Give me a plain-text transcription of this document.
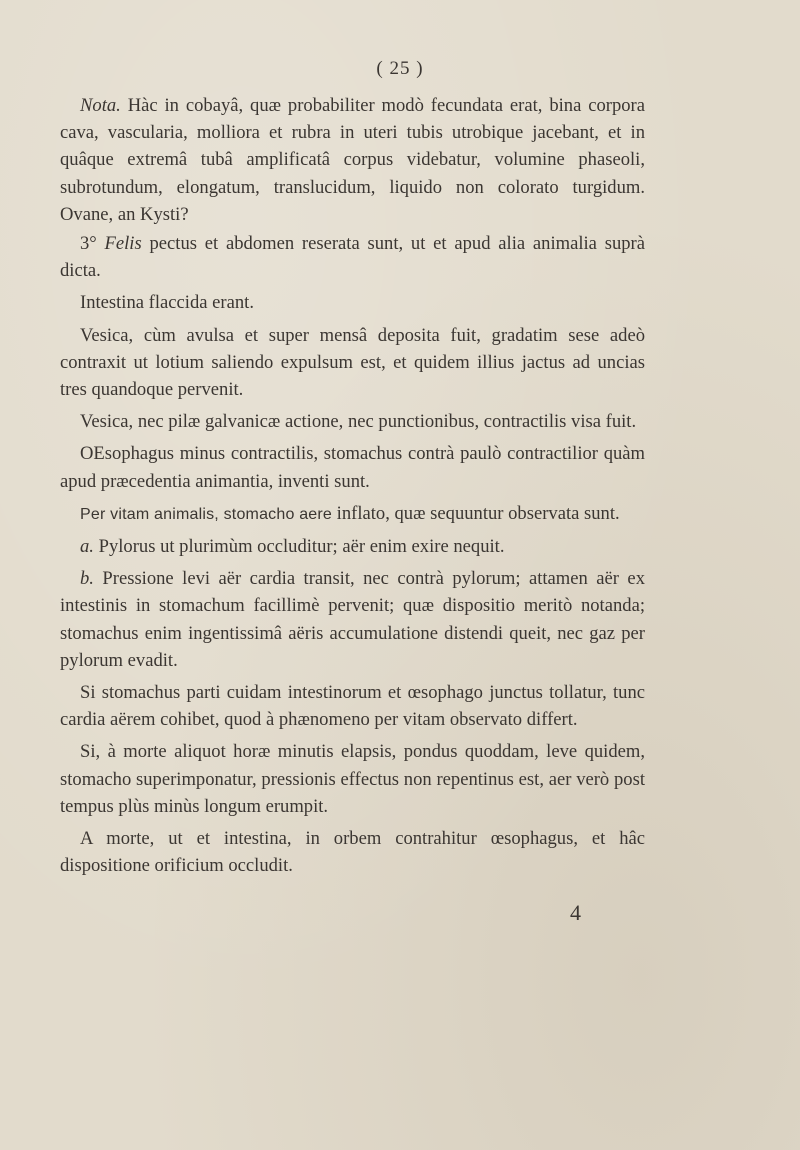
( 25 )

Nota. Hàc in cobayâ, quæ probabiliter modò fecundata erat, bina corpora cava, vascularia, molliora et rubra in uteri tubis utrobique jacebant, et in quâque extremâ tubâ amplificatâ corpus videbatur, volumine phaseoli, subrotundum, elongatum, translucidum, liquido non colorato turgidum. Ovane, an Kysti?

3° Felis pectus et abdomen reserata sunt, ut et apud alia animalia suprà dicta.

Intestina flaccida erant.

Vesica, cùm avulsa et super mensâ deposita fuit, gradatim sese adeò contraxit ut lotium saliendo expulsum est, et quidem illius jactus ad uncias tres quandoque pervenit.

Vesica, nec pilæ galvanicæ actione, nec punctionibus, contractilis visa fuit.

OEsophagus minus contractilis, stomachus contrà paulò contractilior quàm apud præcedentia animantia, inventi sunt.

Per vitam animalis, stomacho aere inflato, quæ sequuntur observata sunt.

a. Pylorus ut plurimùm occluditur; aër enim exire nequit.

b. Pressione levi aër cardia transit, nec contrà pylorum; attamen aër ex intestinis in stomachum facillimè pervenit; quæ dispositio meritò notanda; stomachus enim ingentissimâ aëris accumulatione distendi queit, nec gaz per pylorum evadit.

Si stomachus parti cuidam intestinorum et œsophago junctus tollatur, tunc cardia aërem cohibet, quod à phænomeno per vitam observato differt.

Si, à morte aliquot horæ minutis elapsis, pondus quoddam, leve quidem, stomacho superimponatur, pressionis effectus non repentinus est, aer verò post tempus plùs minùs longum erumpit.

A morte, ut et intestina, in orbem contrahitur œsophagus, et hâc dispositione orificium occludit.

4
